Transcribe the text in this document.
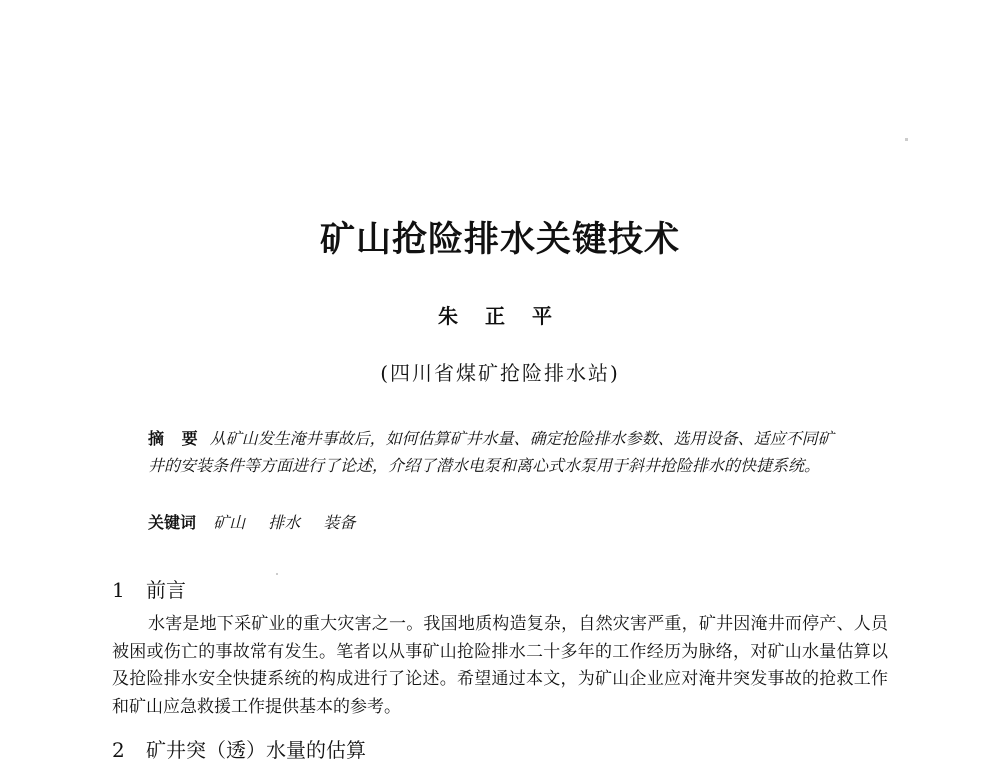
矿山抢险排水关键技术
朱 正 平
(四川省煤矿抢险排水站)
摘 要 从矿山发生淹井事故后，如何估算矿井水量、确定抢险排水参数、选用设备、适应不同矿井的安装条件等方面进行了论述，介绍了潜水电泵和离心式水泵用于斜井抢险排水的快捷系统。
关键词 矿山 排水 装备
1 前言
水害是地下采矿业的重大灾害之一。我国地质构造复杂，自然灾害严重，矿井因淹井而停产、人员被困或伤亡的事故常有发生。笔者以从事矿山抢险排水二十多年的工作经历为脉络，对矿山水量估算以及抢险排水安全快捷系统的构成进行了论述。希望通过本文，为矿山企业应对淹井突发事故的抢救工作和矿山应急救援工作提供基本的参考。
2 矿井突（透）水量的估算
